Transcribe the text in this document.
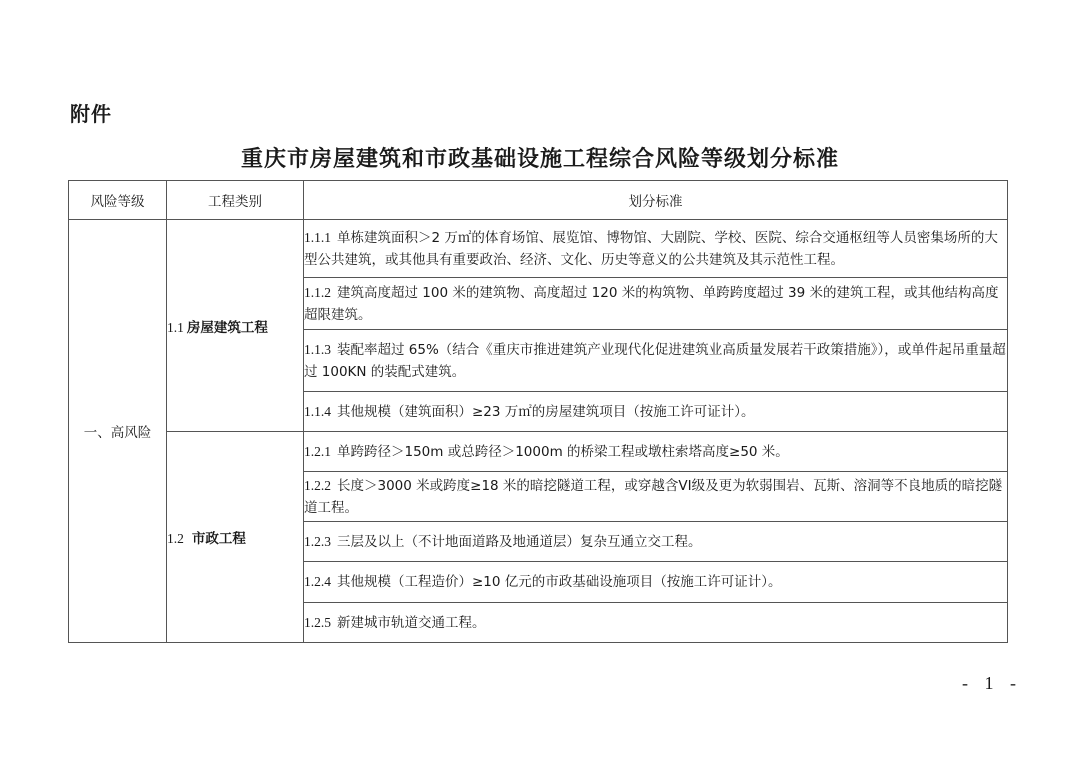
附件
重庆市房屋建筑和市政基础设施工程综合风险等级划分标准
风险等级	工程类别	划分标准
一、高风险	1.1 房屋建筑工程	1.1.1 单栋建筑面积＞2 万㎡的体育场馆、展览馆、博物馆、大剧院、学校、医院、综合交通枢纽等人员密集场所的大型公共建筑，或其他具有重要政治、经济、文化、历史等意义的公共建筑及其示范性工程。
		1.1.2 建筑高度超过 100 米的建筑物、高度超过 120 米的构筑物、单跨跨度超过 39 米的建筑工程，或其他结构高度超限建筑。
		1.1.3 装配率超过 65%（结合《重庆市推进建筑产业现代化促进建筑业高质量发展若干政策措施》），或单件起吊重量超过 100KN 的装配式建筑。
		1.1.4 其他规模（建筑面积）≥23 万㎡的房屋建筑项目（按施工许可证计）。
	1.2 市政工程	1.2.1 单跨跨径＞150m 或总跨径＞1000m 的桥梁工程或墩柱索塔高度≥50 米。
		1.2.2 长度＞3000 米或跨度≥18 米的暗挖隧道工程，或穿越含VI级及更为软弱围岩、瓦斯、溶洞等不良地质的暗挖隧道工程。
		1.2.3 三层及以上（不计地面道路及地通道层）复杂互通立交工程。
		1.2.4 其他规模（工程造价）≥10 亿元的市政基础设施项目（按施工许可证计）。
		1.2.5 新建城市轨道交通工程。
- 1 -
